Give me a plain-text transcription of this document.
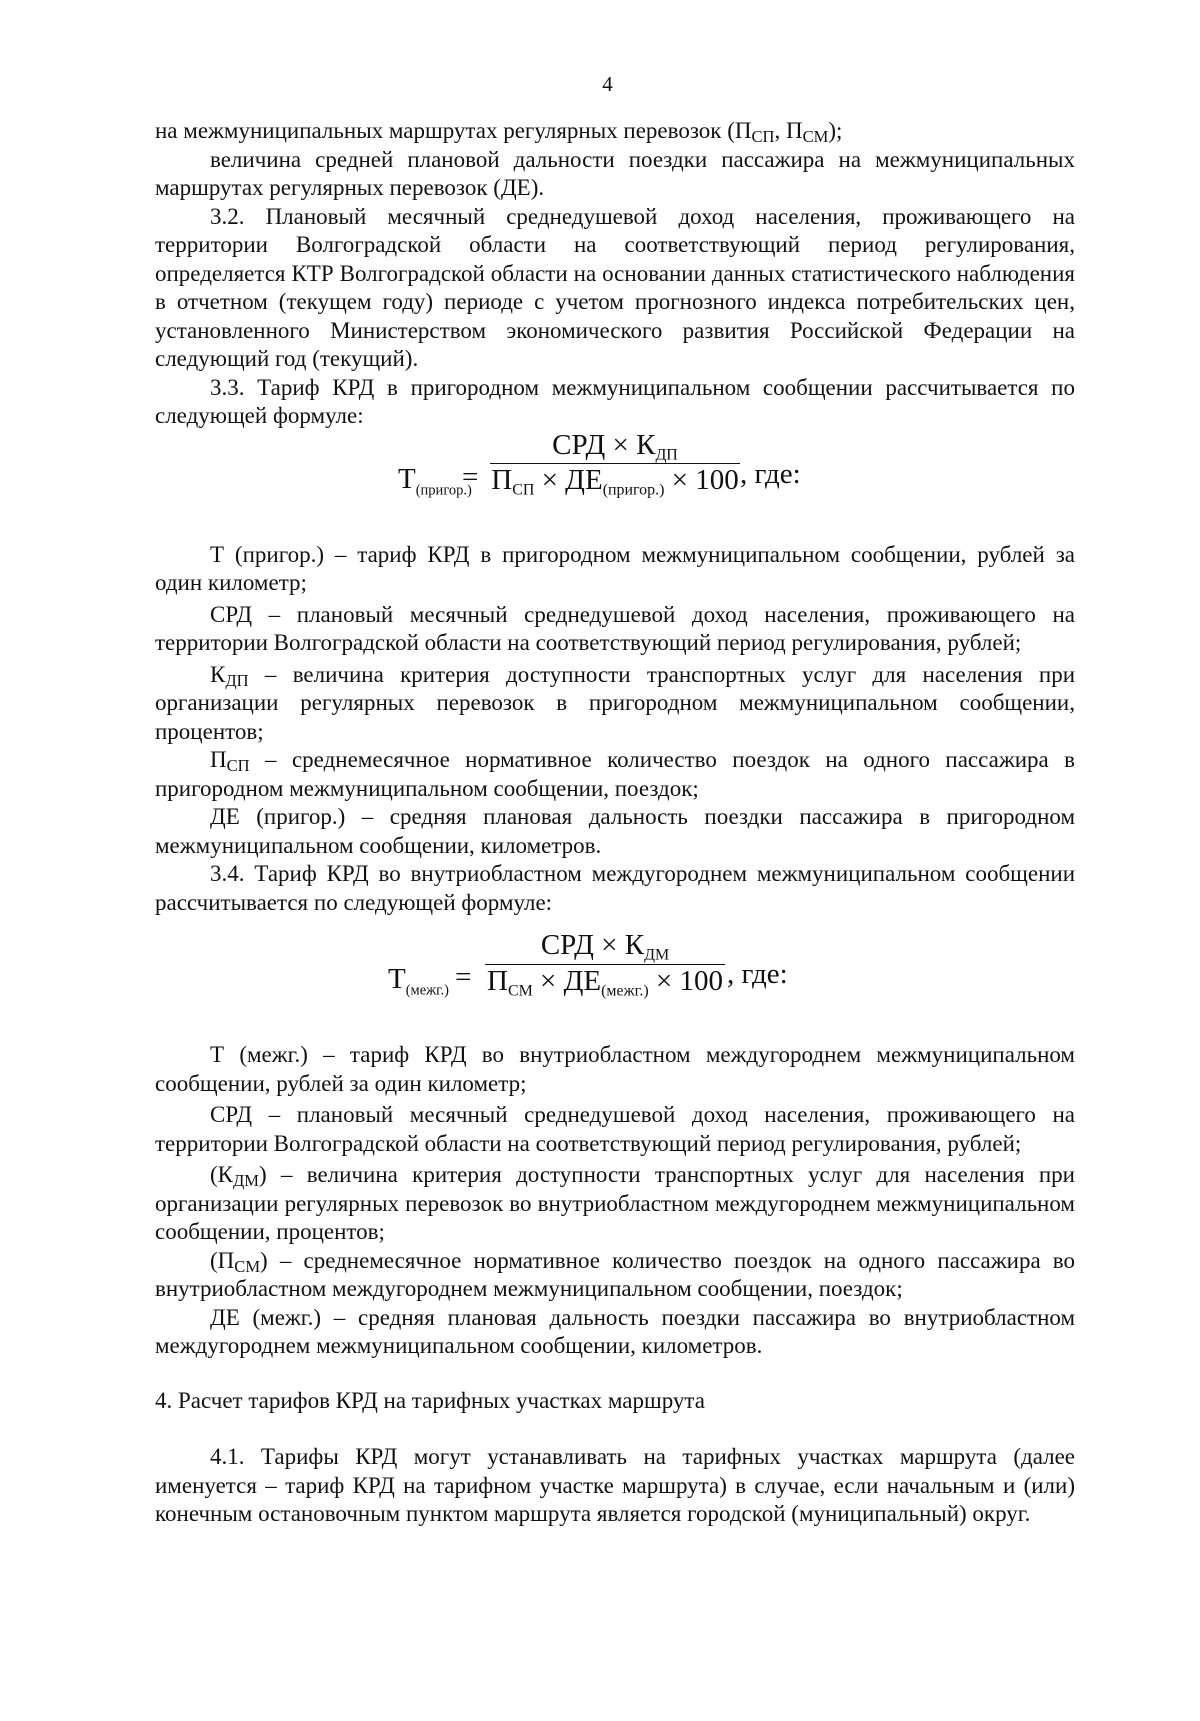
4

на межмуниципальных маршрутах регулярных перевозок ($П_{СП}$, $П_{СМ}$);

величина средней плановой дальности поездки пассажира на межмуниципальных маршрутах регулярных перевозок (ДЕ).

3.2. Плановый месячный среднедушевой доход населения, проживающего на территории Волгоградской области на соответствующий период регулирования, определяется КТР Волгоградской области на основании данных статистического наблюдения в отчетном (текущем году) периоде с учетом прогнозного индекса потребительских цен, установленного Министерством экономического развития Российской Федерации на следующий год (текущий).

3.3. Тариф КРД в пригородном межмуниципальном сообщении рассчитывается по следующей формуле:

$Т_{(пригор.)}$
=
СРД × $К_{ДП}$
$П_{СП} \times ДЕ_{(пригор.)} \times 100$ , где:

Т (пригор.) – тариф КРД в пригородном межмуниципальном сообщении, рублей за один километр;

СРД – плановый месячный среднедушевой доход населения, проживающего на территории Волгоградской области на соответствующий период регулирования, рублей;

$К_{ДП}$ – величина критерия доступности транспортных услуг для населения при организации регулярных перевозок в пригородном межмуниципальном сообщении, процентов;

$П_{СП}$ – среднемесячное нормативное количество поездок на одного пассажира в пригородном межмуниципальном сообщении, поездок;

ДЕ (пригор.) – средняя плановая дальность поездки пассажира в пригородном межмуниципальном сообщении, километров.

3.4. Тариф КРД во внутриобластном междугороднем межмуниципальном сообщении рассчитывается по следующей формуле:

$Т_{(межг.)}$ =
СРД × $К_{ДМ}$
$П_{СМ} \times ДЕ_{(межг.)} \times 100$ , где:

Т (межг.) – тариф КРД во внутриобластном междугороднем межмуниципальном сообщении, рублей за один километр;

СРД – плановый месячный среднедушевой доход населения, проживающего на территории Волгоградской области на соответствующий период регулирования, рублей;

$(К_{ДМ})$ – величина критерия доступности транспортных услуг для населения при организации регулярных перевозок во внутриобластном междугороднем межмуниципальном сообщении, процентов;

$(П_{СМ})$ – среднемесячное нормативное количество поездок на одного пассажира во внутриобластном междугороднем межмуниципальном сообщении, поездок;

ДЕ (межг.) – средняя плановая дальность поездки пассажира во внутриобластном междугороднем межмуниципальном сообщении, километров.

4. Расчет тарифов КРД на тарифных участках маршрута

4.1. Тарифы КРД могут устанавливать на тарифных участках маршрута (далее именуется – тариф КРД на тарифном участке маршрута) в случае, если начальным и (или) конечным остановочным пунктом маршрута является городской (муниципальный) округ.
